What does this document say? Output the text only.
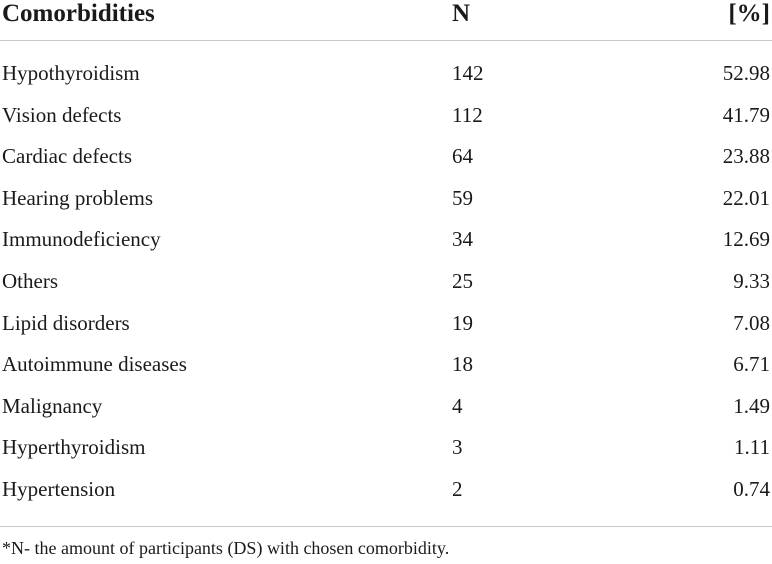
Comorbidities	N	[%]
Hypothyroidism	142	52.98
Vision defects	112	41.79
Cardiac defects	64	23.88
Hearing problems	59	22.01
Immunodeficiency	34	12.69
Others	25	9.33
Lipid disorders	19	7.08
Autoimmune diseases	18	6.71
Malignancy	4	1.49
Hyperthyroidism	3	1.11
Hypertension	2	0.74
*N- the amount of participants (DS) with chosen comorbidity.
